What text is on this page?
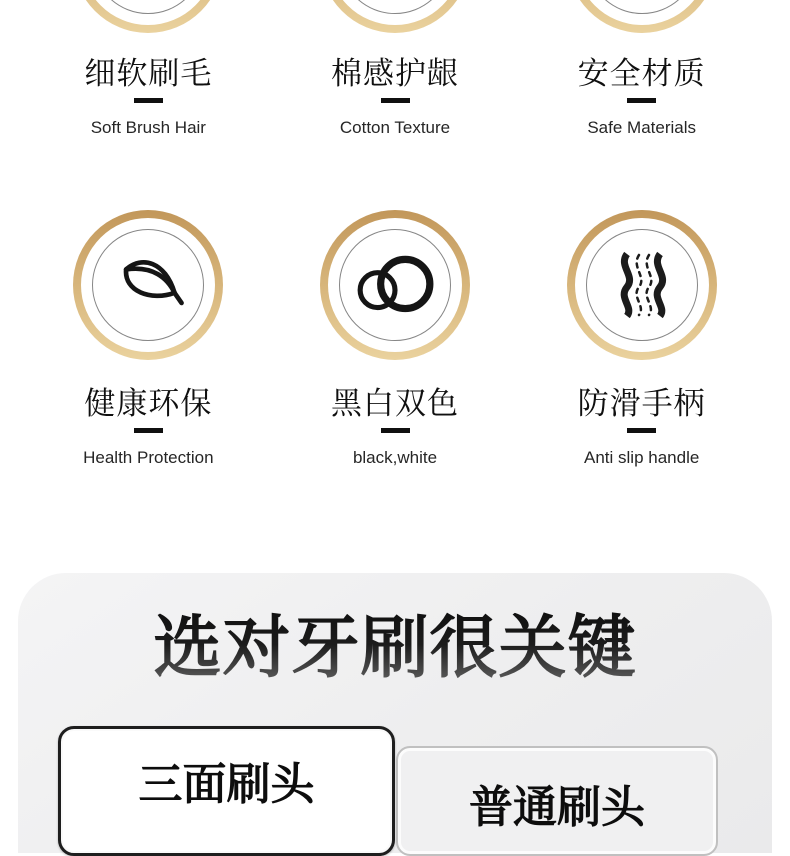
细软刷毛
Soft Brush Hair
棉感护龈
Cotton Texture
安全材质
Safe Materials
健康环保
Health Protection
黑白双色
black,white
防滑手柄
Anti slip handle
选对牙刷很关键
三面刷头	普通刷头
